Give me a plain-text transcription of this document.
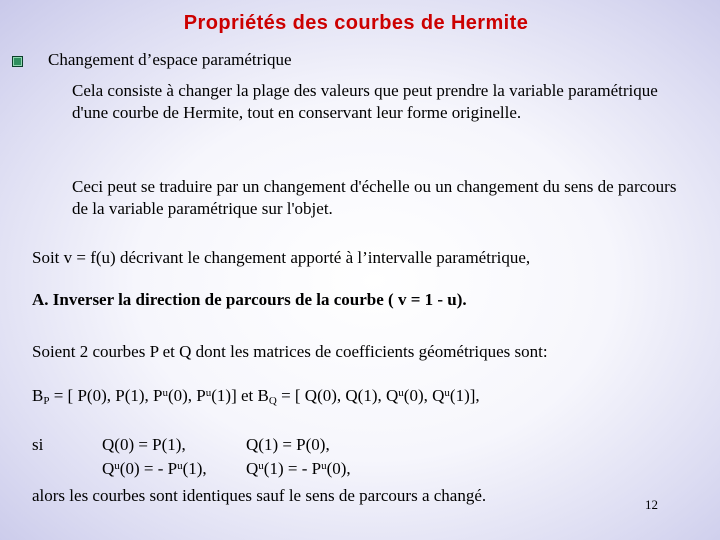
Propriétés des courbes de Hermite
Changement d’espace paramétrique
Cela consiste à changer la plage des valeurs que peut prendre la variable paramétrique d'une courbe de Hermite, tout en conservant leur forme originelle.
Ceci peut se traduire par un changement d'échelle ou un changement du sens de parcours de la variable paramétrique sur l'objet.
Soit v = f(u) décrivant le changement apporté à l’intervalle paramétrique,
A. Inverser la direction de parcours de la courbe ( v = 1 - u).
Soient 2 courbes P et Q dont les matrices de coefficients géométriques sont:
$B_P$ = [ P(0), P(1), $P^u(0)$, $P^u(1)$] et $B_Q$ = [ Q(0), Q(1), $Q^u(0)$, $Q^u(1)$],
si	Q(0) = P(1),	Q(1) = P(0),
$Q^u(0)$ = - $P^u(1)$, $Q^u(1)$ = - $P^u(0)$,
alors les courbes sont identiques sauf le sens de parcours a changé.	12
